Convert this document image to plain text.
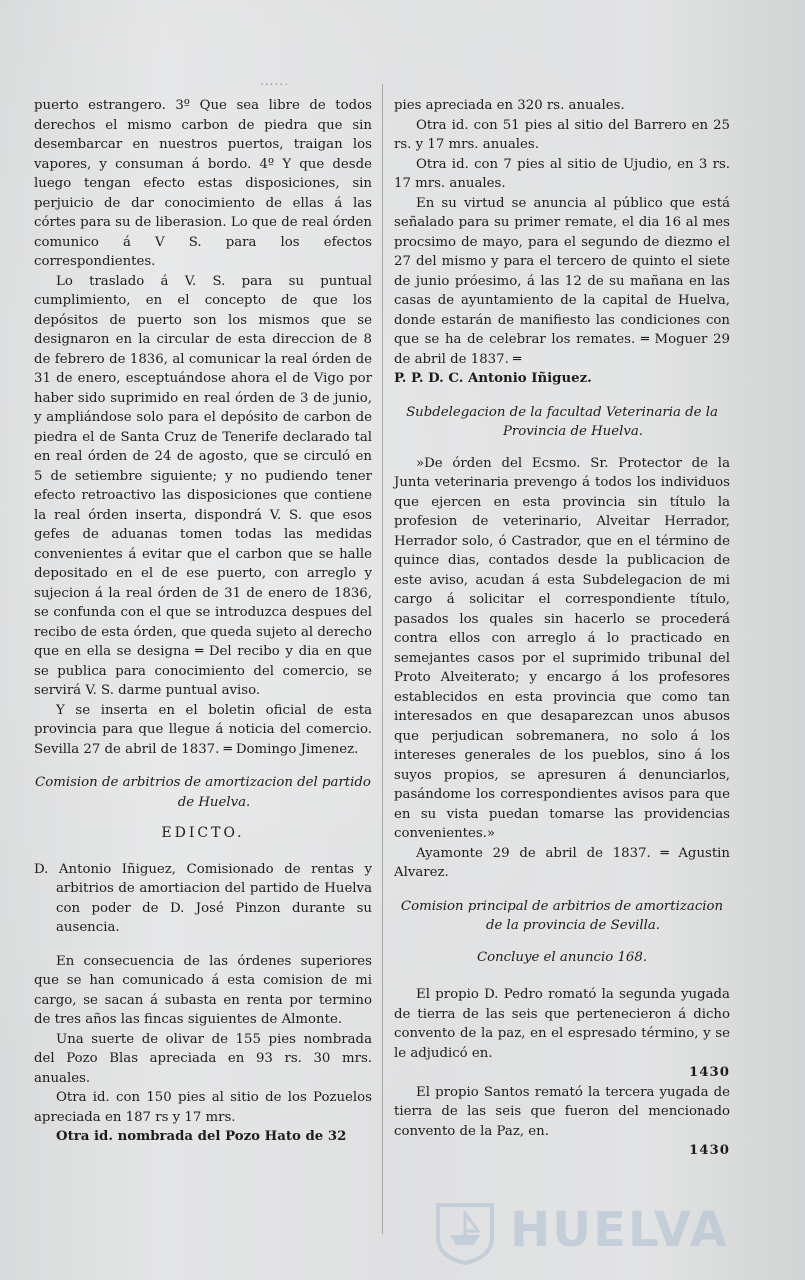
......

puerto estrangero. 3º Que sea libre de todos derechos el mismo carbon de piedra que sin desembarcar en nuestros puertos, traigan los vapores, y consuman á bordo. 4º Y que desde luego tengan efecto estas disposiciones, sin perjuicio de dar conocimiento de ellas á las córtes para su de liberasion. Lo que de real órden comunico á V S. para los efectos correspondientes.

Lo traslado á V. S. para su puntual cumplimiento, en el concepto de que los depósitos de puerto son los mismos que se designaron en la circular de esta direccion de 8 de febrero de 1836, al comunicar la real órden de 31 de enero, esceptuándose ahora el de Vigo por haber sido suprimido en real órden de 3 de junio, y ampliándose solo para el depósito de carbon de piedra el de Santa Cruz de Tenerife declarado tal en real órden de 24 de agosto, que se circuló en 5 de setiembre siguiente; y no pudiendo tener efecto retroactivo las disposiciones que contiene la real órden inserta, dispondrá V. S. que esos gefes de aduanas tomen todas las medidas convenientes á evitar que el carbon que se halle depositado en el de ese puerto, con arreglo y sujecion á la real órden de 31 de enero de 1836, se confunda con el que se introduzca despues del recibo de esta órden, que queda sujeto al derecho que en ella se designa ═ Del recibo y dia en que se publica para conocimiento del comercio, se servirá V. S. darme puntual aviso.

Y se inserta en el boletin oficial de esta provincia para que llegue á noticia del comercio. Sevilla 27 de abril de 1837. ═ Domingo Jimenez.

Comision de arbitrios de amortizacion del partido de Huelva.

EDICTO.

D. Antonio Iñiguez, Comisionado de rentas y arbitrios de amortiacion del partido de Huelva con poder de D. José Pinzon durante su ausencia.

En consecuencia de las órdenes superiores que se han comunicado á esta comision de mi cargo, se sacan á subasta en renta por termino de tres años las fincas siguientes de Almonte.

Una suerte de olivar de 155 pies nombrada del Pozo Blas apreciada en 93 rs. 30 mrs. anuales.

Otra id. con 150 pies al sitio de los Pozuelos apreciada en 187 rs y 17 mrs.

Otra id. nombrada del Pozo Hato de 32

pies apreciada en 320 rs. anuales.

Otra id. con 51 pies al sitio del Barrero en 25 rs. y 17 mrs. anuales.

Otra id. con 7 pies al sitio de Ujudio, en 3 rs. 17 mrs. anuales.

En su virtud se anuncia al público que está señalado para su primer remate, el dia 16 al mes procsimo de mayo, para el segundo de diezmo el 27 del mismo y para el tercero de quinto el siete de junio próesimo, á las 12 de su mañana en las casas de ayuntamiento de la capital de Huelva, donde estarán de manifiesto las condiciones con que se ha de celebrar los remates. ═ Moguer 29 de abril de 1837. ═

P. P. D. C. Antonio Iñiguez.

Subdelegacion de la facultad Veterinaria de la Provincia de Huelva.

»De órden del Ecsmo. Sr. Protector de la Junta veterinaria prevengo á todos los individuos que ejercen en esta provincia sin título la profesion de veterinario, Alveitar Herrador, Herrador solo, ó Castrador, que en el término de quince dias, contados desde la publicacion de este aviso, acudan á esta Subdelegacion de mi cargo á solicitar el correspondiente título, pasados los quales sin hacerlo se procederá contra ellos con arreglo á lo practicado en semejantes casos por el suprimido tribunal del Proto Alveiterato; y encargo á los profesores establecidos en esta provincia que como tan interesados en que desaparezcan unos abusos que perjudican sobremanera, no solo á los intereses generales de los pueblos, sino á los suyos propios, se apresuren á denunciarlos, pasándome los correspondientes avisos para que en su vista puedan tomarse las providencias convenientes.»

Ayamonte 29 de abril de 1837. ═ Agustin Alvarez.

Comision principal de arbitrios de amortizacion de la provincia de Sevilla.

Concluye el anuncio 168.

El propio D. Pedro romató la segunda yugada de tierra de las seis que pertenecieron á dicho convento de la paz, en el espresado término, y se le adjudicó en.
1430
El propio Santos remató la tercera yugada de tierra de las seis que fueron del mencionado convento de la Paz, en.
1430
HUELVA
